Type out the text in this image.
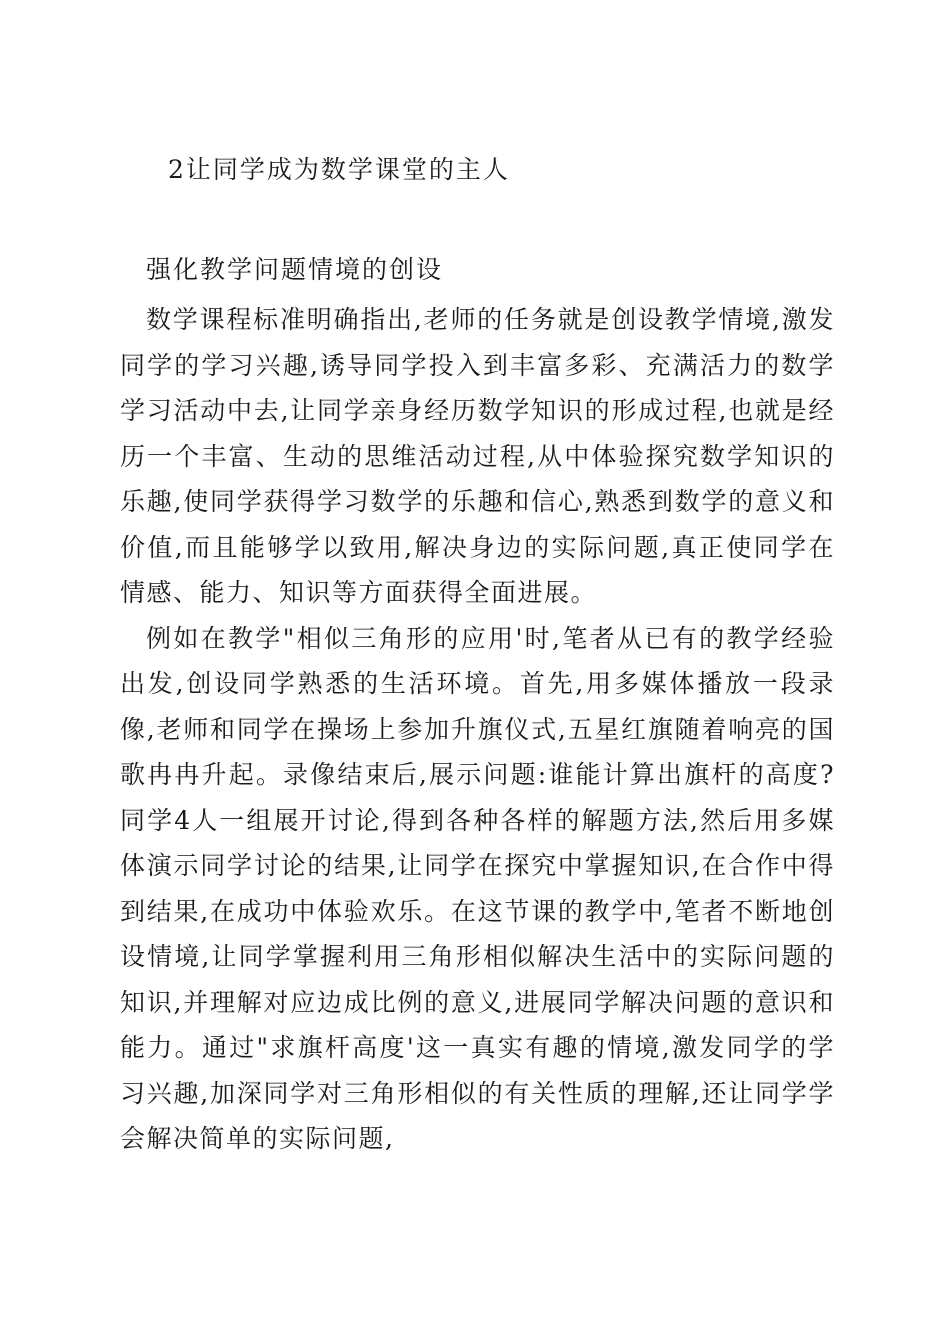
2让同学成为数学课堂的主人
强化教学问题情境的创设

数学课程标准明确指出,老师的任务就是创设教学情境,激发同学的学习兴趣,诱导同学投入到丰富多彩、充满活力的数学学习活动中去,让同学亲身经历数学知识的形成过程,也就是经历一个丰富、生动的思维活动过程,从中体验探究数学知识的乐趣,使同学获得学习数学的乐趣和信心,熟悉到数学的意义和价值,而且能够学以致用,解决身边的实际问题,真正使同学在情感、能力、知识等方面获得全面进展。

例如在教学"相似三角形的应用'时,笔者从已有的教学经验出发,创设同学熟悉的生活环境。首先,用多媒体播放一段录像,老师和同学在操场上参加升旗仪式,五星红旗随着响亮的国歌冉冉升起。录像结束后,展示问题:谁能计算出旗杆的高度?同学4人一组展开讨论,得到各种各样的解题方法,然后用多媒体演示同学讨论的结果,让同学在探究中掌握知识,在合作中得到结果,在成功中体验欢乐。在这节课的教学中,笔者不断地创设情境,让同学掌握利用三角形相似解决生活中的实际问题的知识,并理解对应边成比例的意义,进展同学解决问题的意识和能力。通过"求旗杆高度'这一真实有趣的情境,激发同学的学习兴趣,加深同学对三角形相似的有关性质的理解,还让同学学会解决简单的实际问题,
